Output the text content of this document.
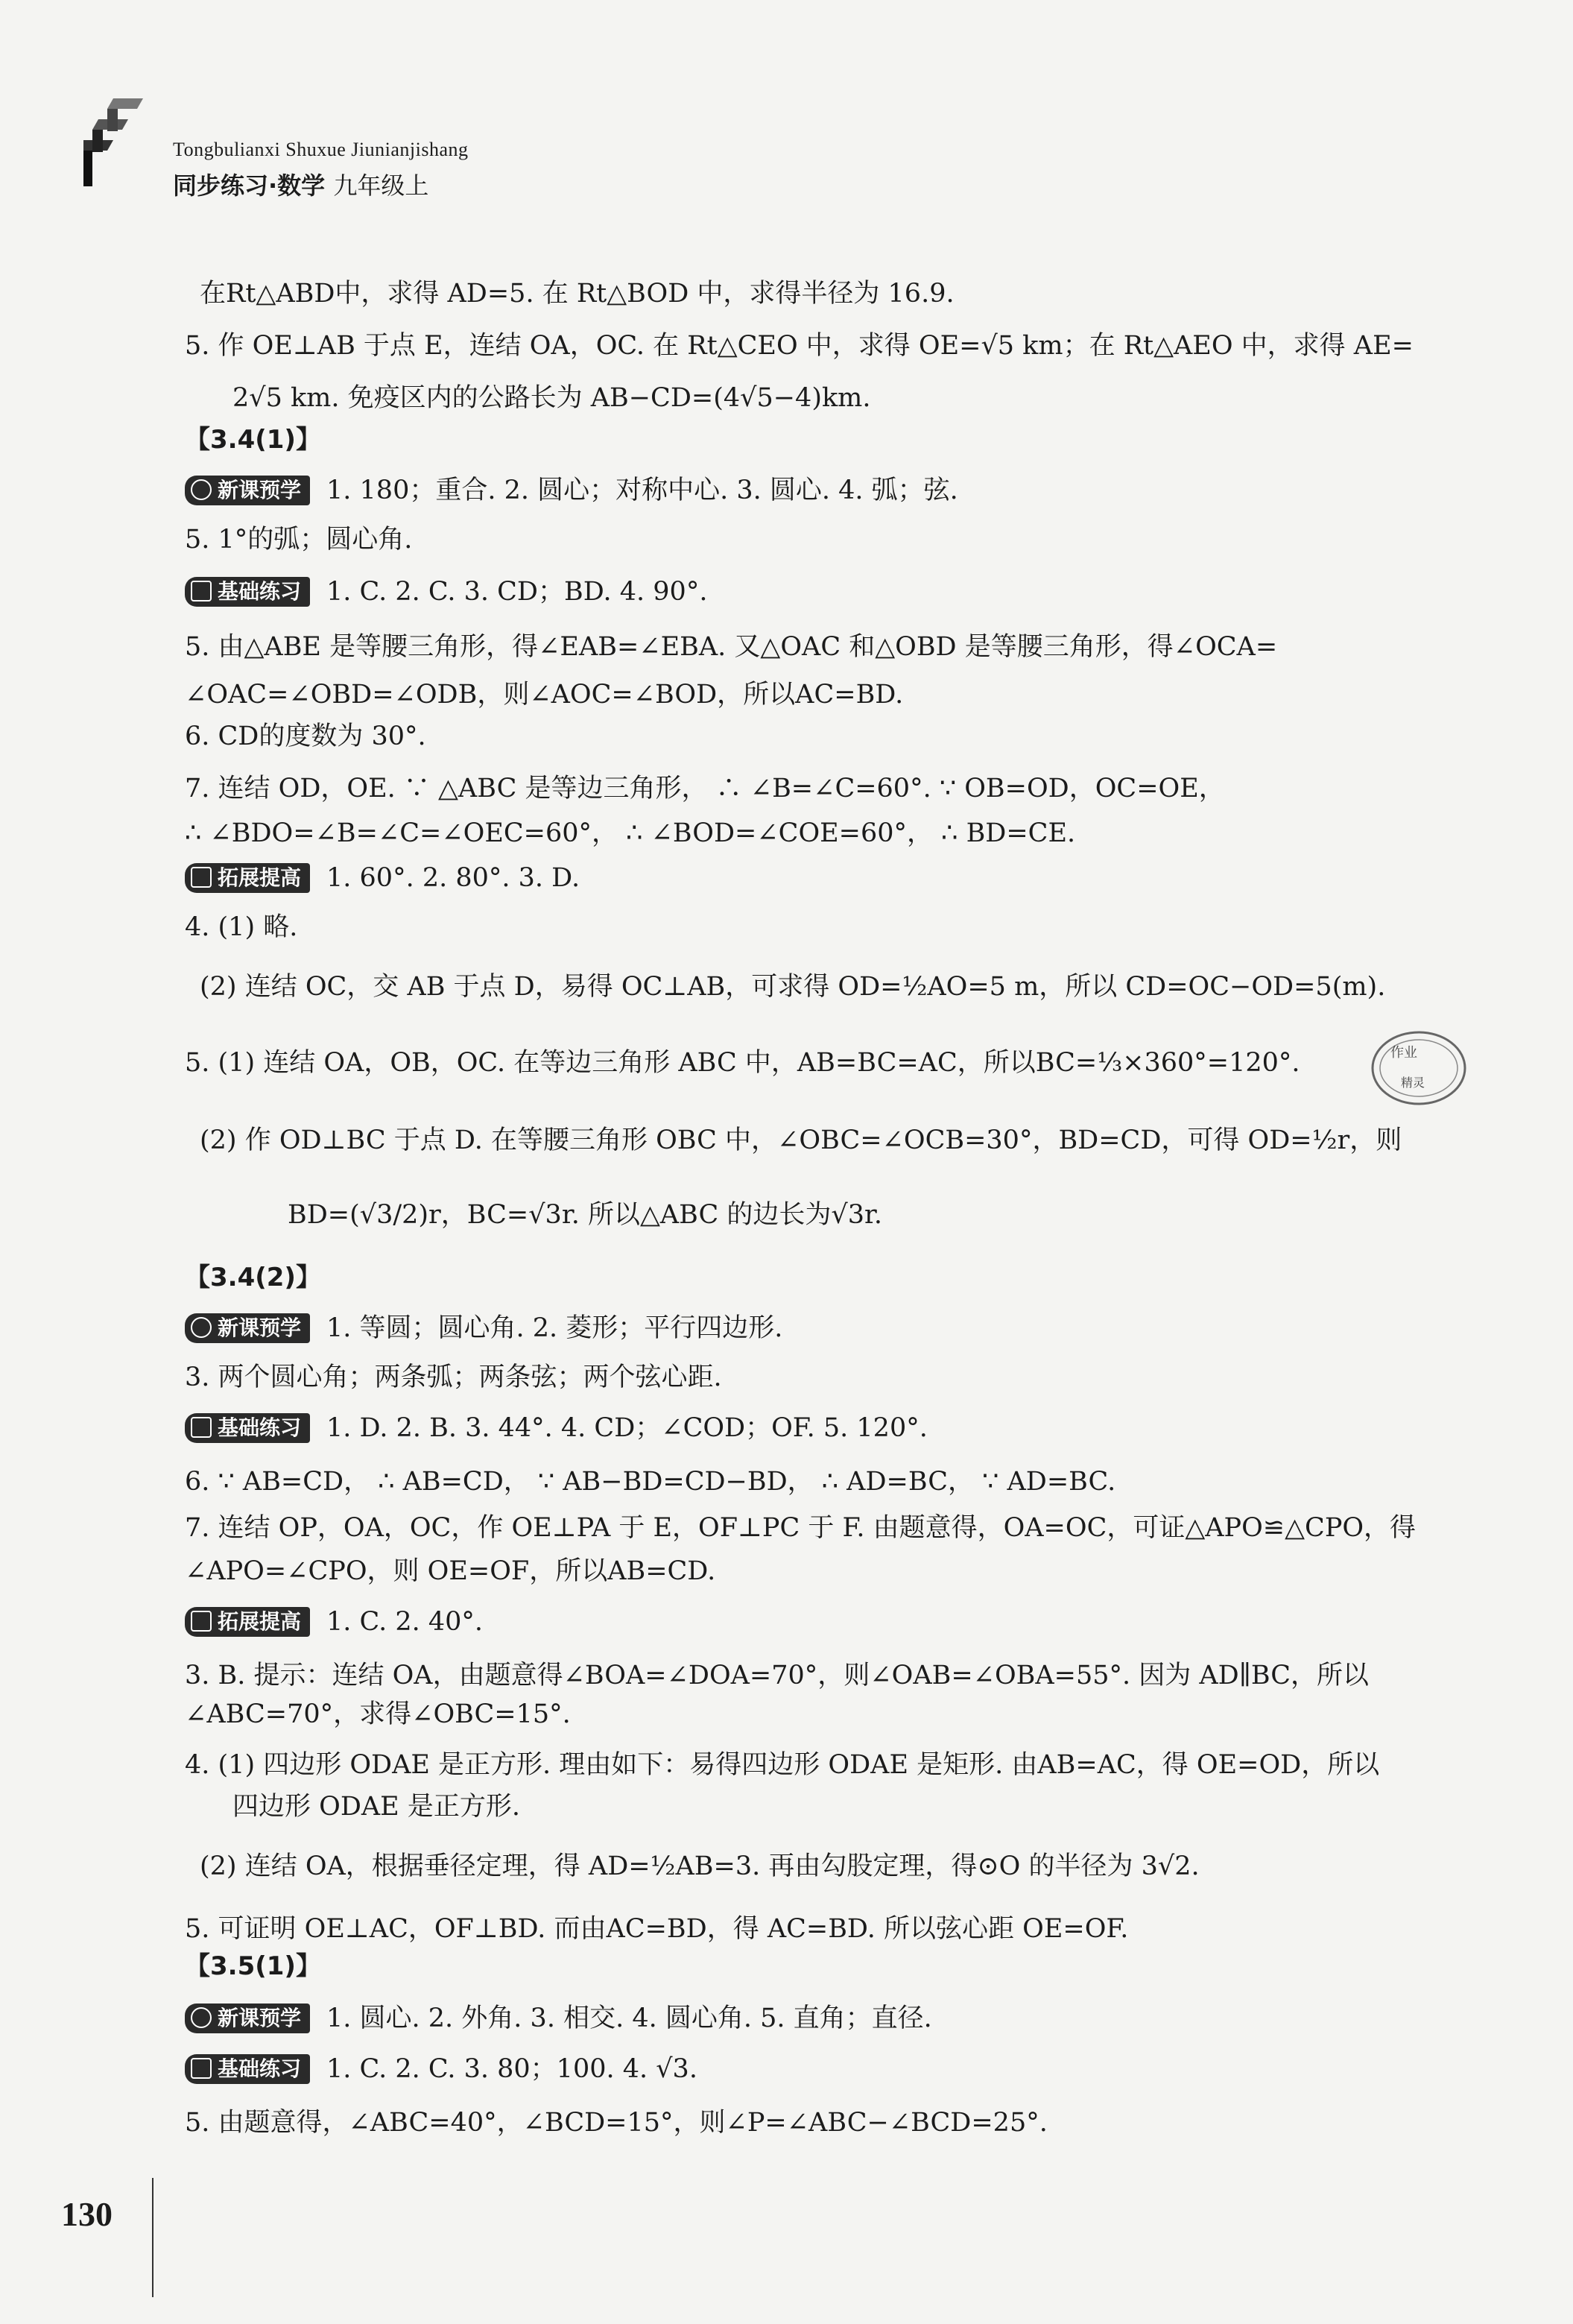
Tongbulianxi Shuxue Jiunianjishang
同步练习·数学 九年级上
在Rt△ABD中，求得 AD=5. 在 Rt△BOD 中，求得半径为 16.9.
5. 作 OE⊥AB 于点 E，连结 OA，OC. 在 Rt△CEO 中，求得 OE=√5 km；在 Rt△AEO 中，求得 AE=
2√5 km. 免疫区内的公路长为 AB−CD=(4√5−4)km.
【3.4(1)】
新课预学 1. 180；重合. 2. 圆心；对称中心. 3. 圆心. 4. 弧；弦.
5. 1°的弧；圆心角.
基础练习 1. C. 2. C. 3. CD；BD. 4. 90°.
5. 由△ABE 是等腰三角形，得∠EAB=∠EBA. 又△OAC 和△OBD 是等腰三角形，得∠OCA=
∠OAC=∠OBD=∠ODB，则∠AOC=∠BOD，所以AC=BD.
6. CD的度数为 30°.
7. 连结 OD，OE. ∵ △ABC 是等边三角形， ∴ ∠B=∠C=60°. ∵ OB=OD，OC=OE，
∴ ∠BDO=∠B=∠C=∠OEC=60°， ∴ ∠BOD=∠COE=60°， ∴ BD=CE.
拓展提高 1. 60°. 2. 80°. 3. D.
4. (1) 略.
(2) 连结 OC，交 AB 于点 D，易得 OC⊥AB，可求得 OD=½AO=5 m，所以 CD=OC−OD=5(m).
5. (1) 连结 OA，OB，OC. 在等边三角形 ABC 中，AB=BC=AC，所以BC=⅓×360°=120°.
(2) 作 OD⊥BC 于点 D. 在等腰三角形 OBC 中，∠OBC=∠OCB=30°，BD=CD，可得 OD=½r，则
BD=(√3/2)r，BC=√3r. 所以△ABC 的边长为√3r.
【3.4(2)】
新课预学 1. 等圆；圆心角. 2. 菱形；平行四边形.
3. 两个圆心角；两条弧；两条弦；两个弦心距.
基础练习 1. D. 2. B. 3. 44°. 4. CD；∠COD；OF. 5. 120°.
6. ∵ AB=CD， ∴ AB=CD， ∵ AB−BD=CD−BD， ∴ AD=BC， ∵ AD=BC.
7. 连结 OP，OA，OC，作 OE⊥PA 于 E，OF⊥PC 于 F. 由题意得，OA=OC，可证△APO≌△CPO，得
∠APO=∠CPO，则 OE=OF，所以AB=CD.
拓展提高 1. C. 2. 40°.
3. B. 提示：连结 OA，由题意得∠BOA=∠DOA=70°，则∠OAB=∠OBA=55°. 因为 AD∥BC，所以
∠ABC=70°，求得∠OBC=15°.
4. (1) 四边形 ODAE 是正方形. 理由如下：易得四边形 ODAE 是矩形. 由AB=AC，得 OE=OD，所以
四边形 ODAE 是正方形.
(2) 连结 OA，根据垂径定理，得 AD=½AB=3. 再由勾股定理，得⊙O 的半径为 3√2.
5. 可证明 OE⊥AC，OF⊥BD. 而由AC=BD，得 AC=BD. 所以弦心距 OE=OF.
【3.5(1)】
新课预学 1. 圆心. 2. 外角. 3. 相交. 4. 圆心角. 5. 直角；直径.
基础练习 1. C. 2. C. 3. 80；100. 4. √3.
5. 由题意得，∠ABC=40°，∠BCD=15°，则∠P=∠ABC−∠BCD=25°.
作业
精灵
130
